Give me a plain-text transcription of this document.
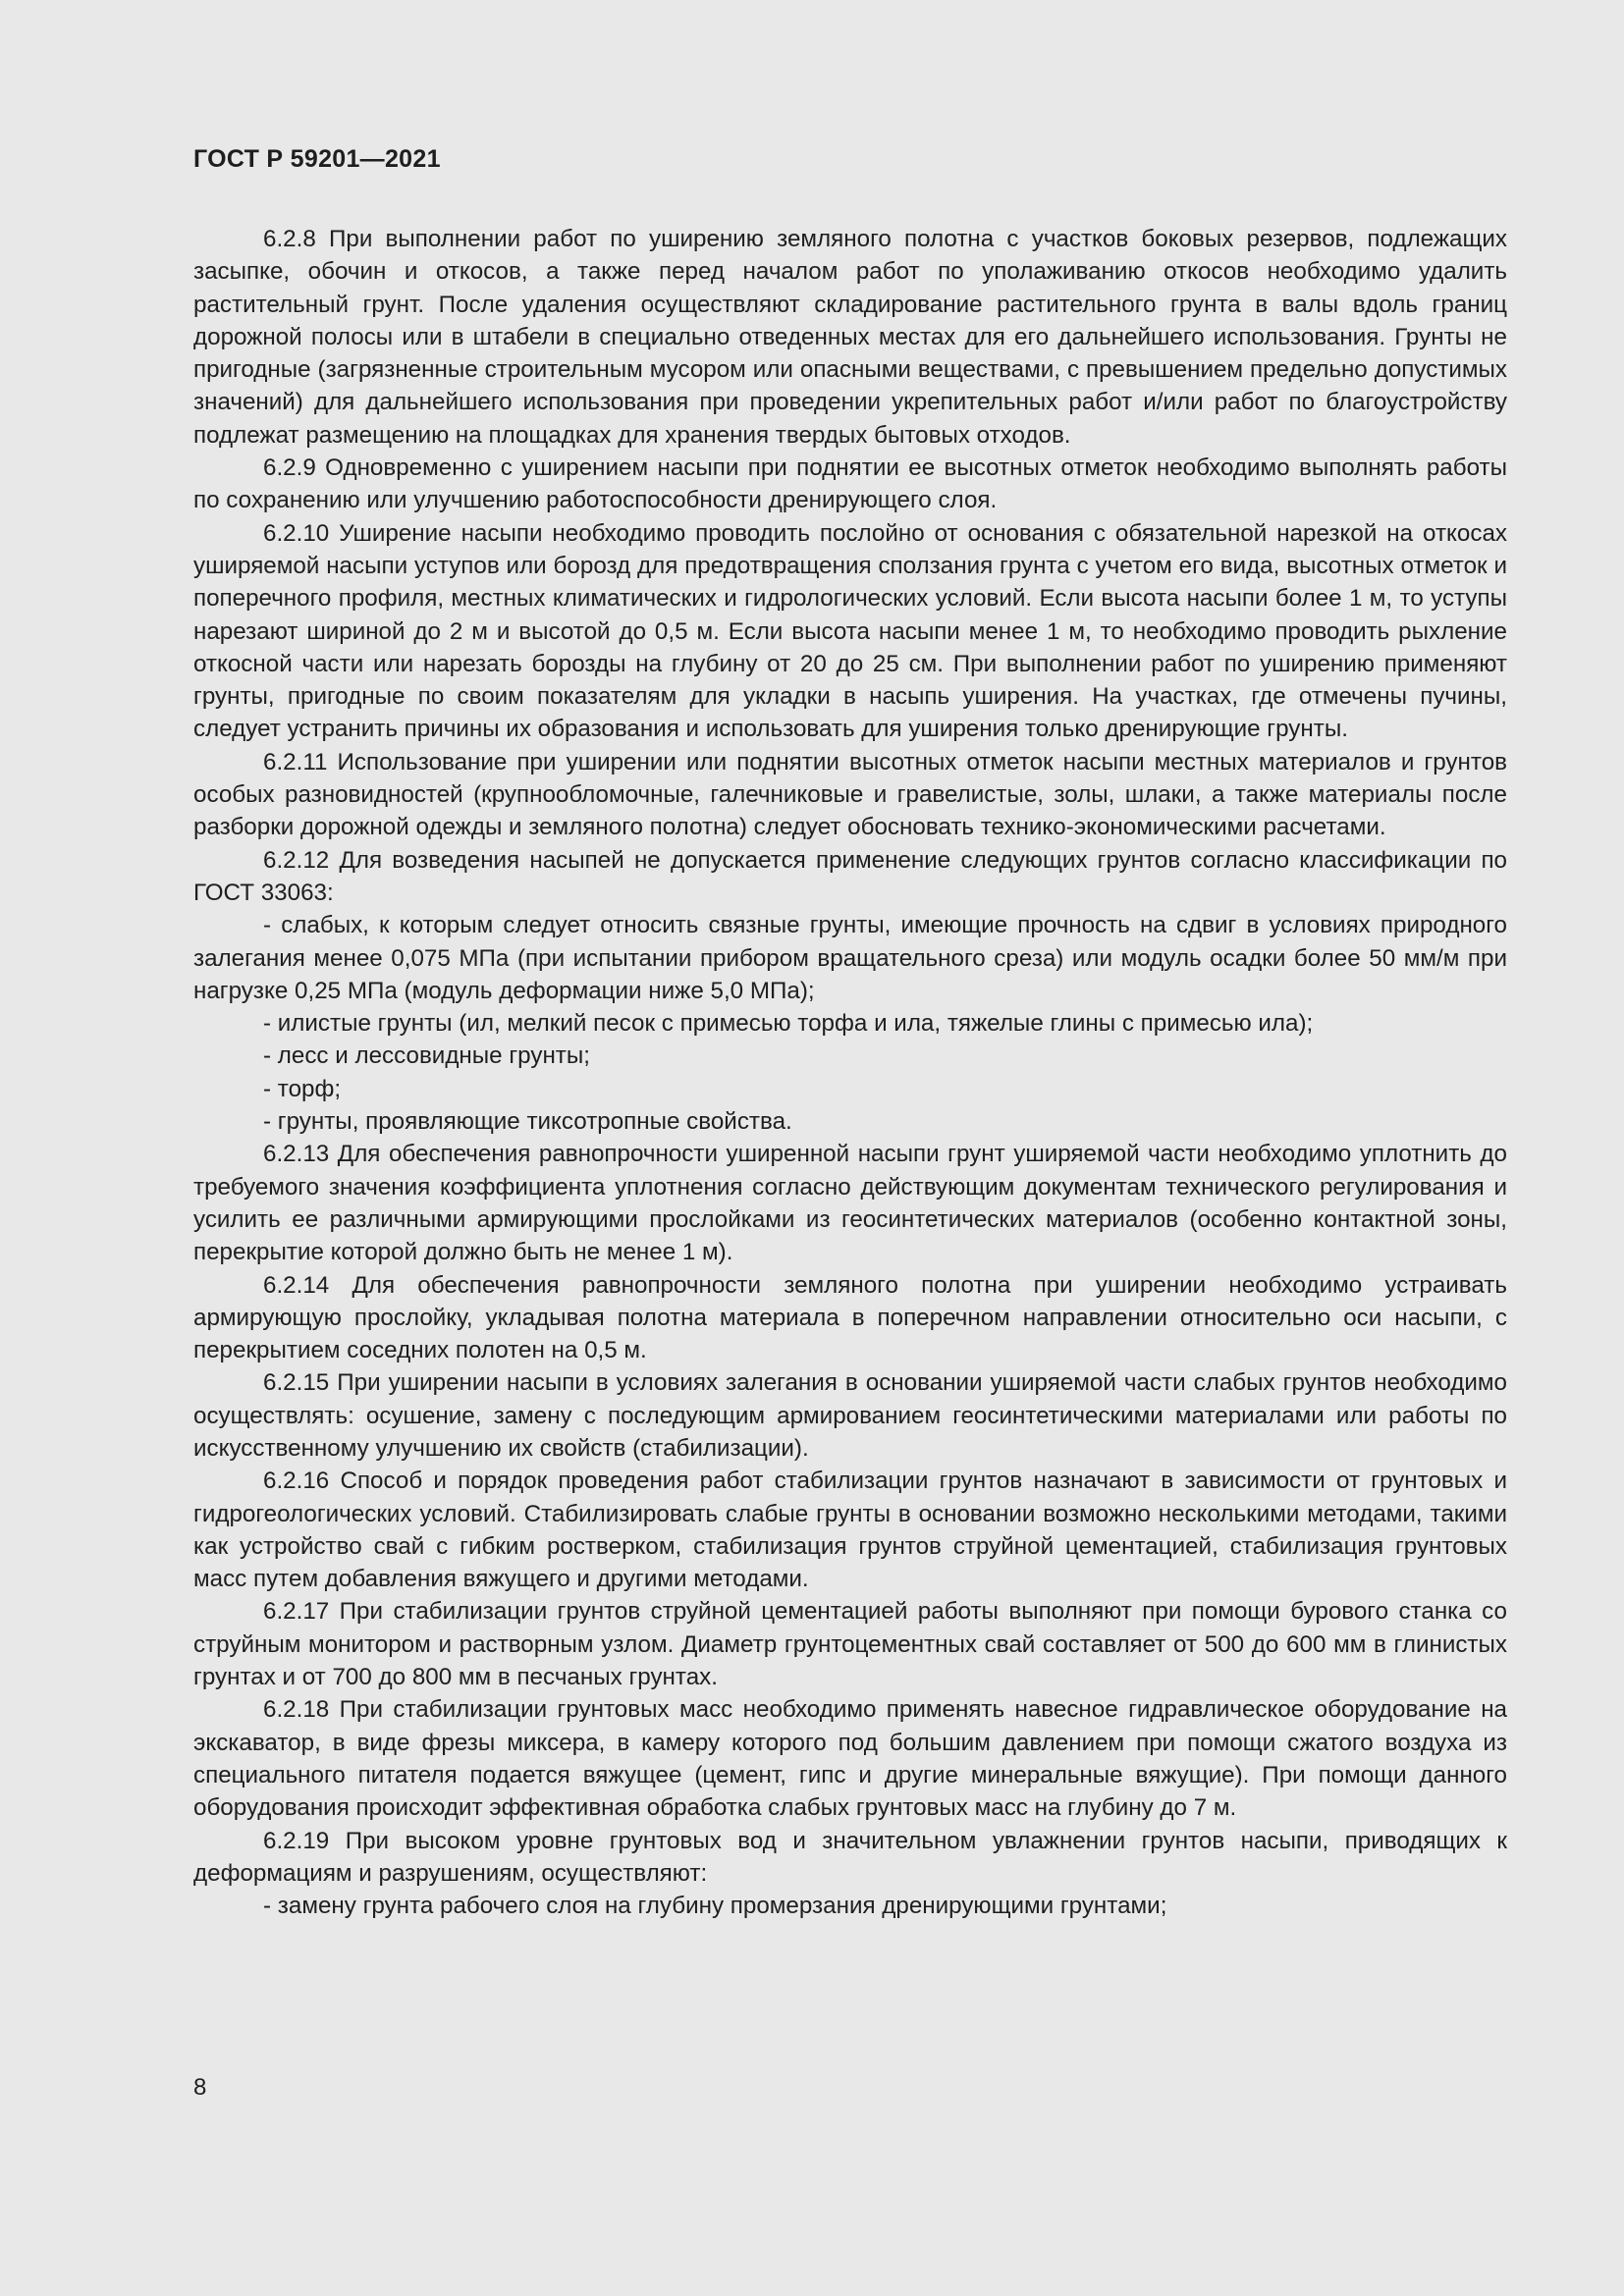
ГОСТ Р 59201—2021

6.2.8 При выполнении работ по уширению земляного полотна с участков боковых резервов, подлежащих засыпке, обочин и откосов, а также перед началом работ по уполаживанию откосов необходимо удалить растительный грунт. После удаления осуществляют складирование растительного грунта в валы вдоль границ дорожной полосы или в штабели в специально отведенных местах для его дальнейшего использования. Грунты не пригодные (загрязненные строительным мусором или опасными веществами, с превышением предельно допустимых значений) для дальнейшего использования при проведении укрепительных работ и/или работ по благоустройству подлежат размещению на площадках для хранения твердых бытовых отходов.

6.2.9 Одновременно с уширением насыпи при поднятии ее высотных отметок необходимо выполнять работы по сохранению или улучшению работоспособности дренирующего слоя.

6.2.10 Уширение насыпи необходимо проводить послойно от основания с обязательной нарезкой на откосах уширяемой насыпи уступов или борозд для предотвращения сползания грунта с учетом его вида, высотных отметок и поперечного профиля, местных климатических и гидрологических условий. Если высота насыпи более 1 м, то уступы нарезают шириной до 2 м и высотой до 0,5 м. Если высота насыпи менее 1 м, то необходимо проводить рыхление откосной части или нарезать борозды на глубину от 20 до 25 см. При выполнении работ по уширению применяют грунты, пригодные по своим показателям для укладки в насыпь уширения. На участках, где отмечены пучины, следует устранить причины их образования и использовать для уширения только дренирующие грунты.

6.2.11 Использование при уширении или поднятии высотных отметок насыпи местных материалов и грунтов особых разновидностей (крупнообломочные, галечниковые и гравелистые, золы, шлаки, а также материалы после разборки дорожной одежды и земляного полотна) следует обосновать технико-экономическими расчетами.

6.2.12 Для возведения насыпей не допускается применение следующих грунтов согласно классификации по ГОСТ 33063:

- слабых, к которым следует относить связные грунты, имеющие прочность на сдвиг в условиях природного залегания менее 0,075 МПа (при испытании прибором вращательного среза) или модуль осадки более 50 мм/м при нагрузке 0,25 МПа (модуль деформации ниже 5,0 МПа);

- илистые грунты (ил, мелкий песок с примесью торфа и ила, тяжелые глины с примесью ила);

- лесс и лессовидные грунты;

- торф;

- грунты, проявляющие тиксотропные свойства.

6.2.13 Для обеспечения равнопрочности уширенной насыпи грунт уширяемой части необходимо уплотнить до требуемого значения коэффициента уплотнения согласно действующим документам технического регулирования и усилить ее различными армирующими прослойками из геосинтетических материалов (особенно контактной зоны, перекрытие которой должно быть не менее 1 м).

6.2.14 Для обеспечения равнопрочности земляного полотна при уширении необходимо устраивать армирующую прослойку, укладывая полотна материала в поперечном направлении относительно оси насыпи, с перекрытием соседних полотен на 0,5 м.

6.2.15 При уширении насыпи в условиях залегания в основании уширяемой части слабых грунтов необходимо осуществлять: осушение, замену с последующим армированием геосинтетическими материалами или работы по искусственному улучшению их свойств (стабилизации).

6.2.16 Способ и порядок проведения работ стабилизации грунтов назначают в зависимости от грунтовых и гидрогеологических условий. Стабилизировать слабые грунты в основании возможно несколькими методами, такими как устройство свай с гибким ростверком, стабилизация грунтов струйной цементацией, стабилизация грунтовых масс путем добавления вяжущего и другими методами.

6.2.17 При стабилизации грунтов струйной цементацией работы выполняют при помощи бурового станка со струйным монитором и растворным узлом. Диаметр грунтоцементных свай составляет от 500 до 600 мм в глинистых грунтах и от 700 до 800 мм в песчаных грунтах.

6.2.18 При стабилизации грунтовых масс необходимо применять навесное гидравлическое оборудование на экскаватор, в виде фрезы миксера, в камеру которого под большим давлением при помощи сжатого воздуха из специального питателя подается вяжущее (цемент, гипс и другие минеральные вяжущие). При помощи данного оборудования происходит эффективная обработка слабых грунтовых масс на глубину до 7 м.

6.2.19 При высоком уровне грунтовых вод и значительном увлажнении грунтов насыпи, приводящих к деформациям и разрушениям, осуществляют:

- замену грунта рабочего слоя на глубину промерзания дренирующими грунтами;

8
